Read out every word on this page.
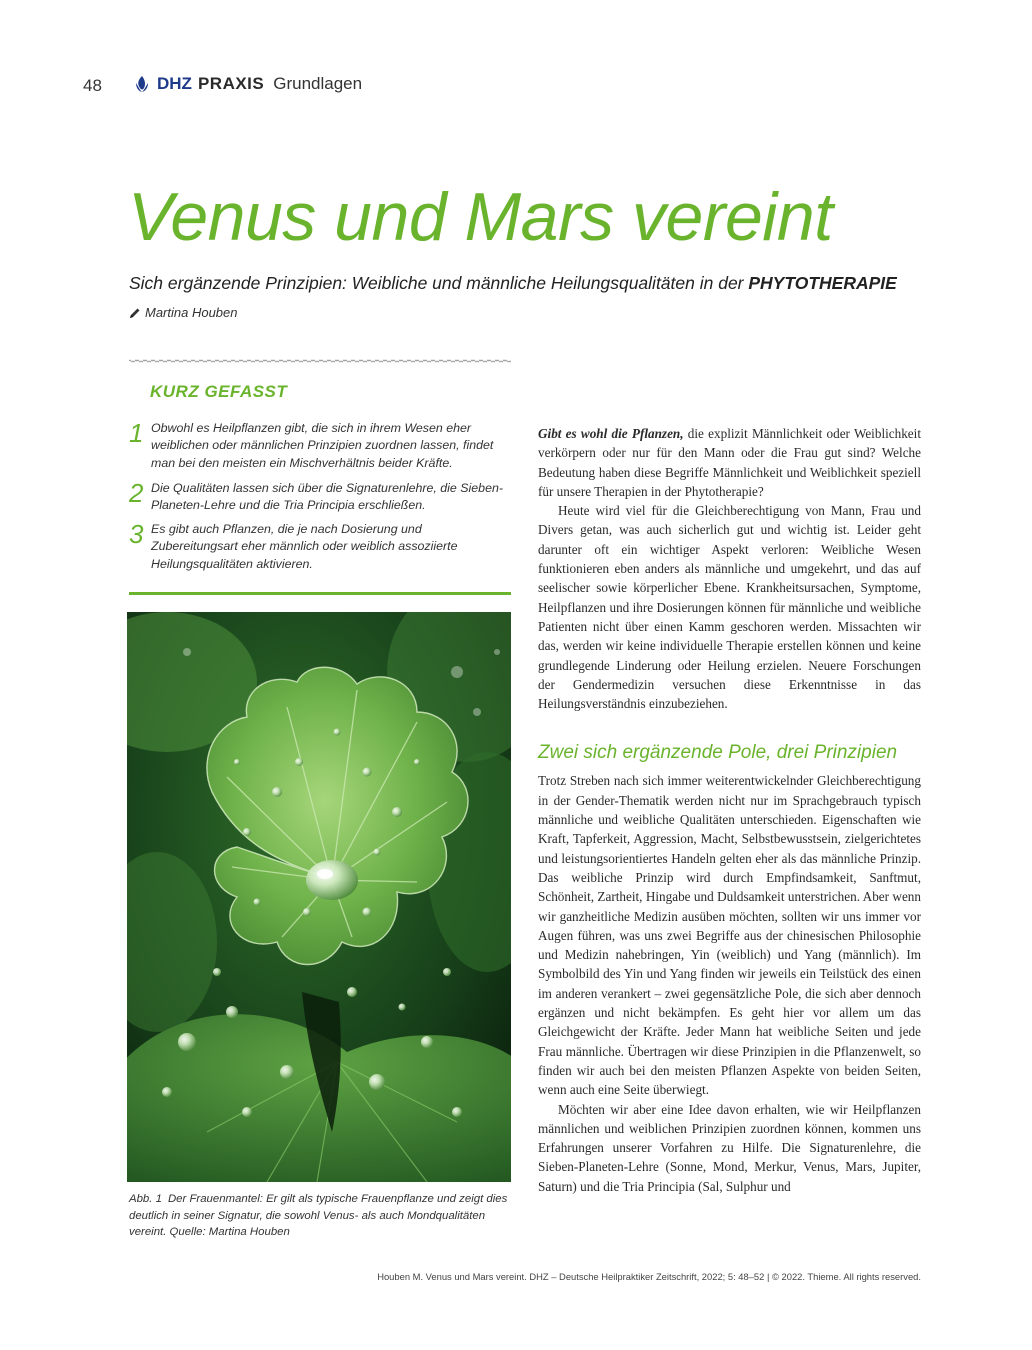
48	DHZ PRAXIS Grundlagen
Venus und Mars vereint

Sich ergänzende Prinzipien: Weibliche und männliche Heilungsqualitäten in der PHYTOTHERAPIE

Martina Houben
KURZ GEFASST
1 Obwohl es Heilpflanzen gibt, die sich in ihrem Wesen eher weiblichen oder männlichen Prinzipien zuordnen lassen, findet man bei den meisten ein Mischverhältnis beider Kräfte.
2 Die Qualitäten lassen sich über die Signaturenlehre, die Sieben-Planeten-Lehre und die Tria Principia erschließen.
3 Es gibt auch Pflanzen, die je nach Dosierung und Zubereitungsart eher männlich oder weiblich assoziierte Heilungsqualitäten aktivieren.

Abb. 1 Der Frauenmantel: Er gilt als typische Frauenpflanze und zeigt dies deutlich in seiner Signatur, die sowohl Venus- als auch Mondqualitäten vereint. Quelle: Martina Houben

Gibt es wohl die Pflanzen, die explizit Männlichkeit oder Weiblichkeit verkörpern oder nur für den Mann oder die Frau gut sind? Welche Bedeutung haben diese Begriffe Männlichkeit und Weiblichkeit speziell für unsere Therapien in der Phytotherapie?

Heute wird viel für die Gleichberechtigung von Mann, Frau und Divers getan, was auch sicherlich gut und wichtig ist. Leider geht darunter oft ein wichtiger Aspekt verloren: Weibliche Wesen funktionieren eben anders als männliche und umgekehrt, und das auf seelischer sowie körperlicher Ebene. Krankheitsursachen, Symptome, Heilpflanzen und ihre Dosierungen können für männliche und weibliche Patienten nicht über einen Kamm geschoren werden. Missachten wir das, werden wir keine individuelle Therapie erstellen können und keine grundlegende Linderung oder Heilung erzielen. Neuere Forschungen der Gendermedizin versuchen diese Erkenntnisse in das Heilungsverständnis einzubeziehen.

Zwei sich ergänzende Pole, drei Prinzipien

Trotz Streben nach sich immer weiterentwickelnder Gleichberechtigung in der Gender-Thematik werden nicht nur im Sprachgebrauch typisch männliche und weibliche Qualitäten unterschieden. Eigenschaften wie Kraft, Tapferkeit, Aggression, Macht, Selbstbewusstsein, zielgerichtetes und leistungsorientiertes Handeln gelten eher als das männliche Prinzip. Das weibliche Prinzip wird durch Empfindsamkeit, Sanftmut, Schönheit, Zartheit, Hingabe und Duldsamkeit unterstrichen. Aber wenn wir ganzheitliche Medizin ausüben möchten, sollten wir uns immer vor Augen führen, was uns zwei Begriffe aus der chinesischen Philosophie und Medizin nahebringen, Yin (weiblich) und Yang (männlich). Im Symbolbild des Yin und Yang finden wir jeweils ein Teilstück des einen im anderen verankert – zwei gegensätzliche Pole, die sich aber dennoch ergänzen und nicht bekämpfen. Es geht hier vor allem um das Gleichgewicht der Kräfte. Jeder Mann hat weibliche Seiten und jede Frau männliche. Übertragen wir diese Prinzipien in die Pflanzenwelt, so finden wir auch bei den meisten Pflanzen Aspekte von beiden Seiten, wenn auch eine Seite überwiegt.

Möchten wir aber eine Idee davon erhalten, wie wir Heilpflanzen männlichen und weiblichen Prinzipien zuordnen können, kommen uns Erfahrungen unserer Vorfahren zu Hilfe. Die Signaturenlehre, die Sieben-Planeten-Lehre (Sonne, Mond, Merkur, Venus, Mars, Jupiter, Saturn) und die Tria Principia (Sal, Sulphur und

Houben M. Venus und Mars vereint. DHZ – Deutsche Heilpraktiker Zeitschrift, 2022; 5: 48–52 | © 2022. Thieme. All rights reserved.
